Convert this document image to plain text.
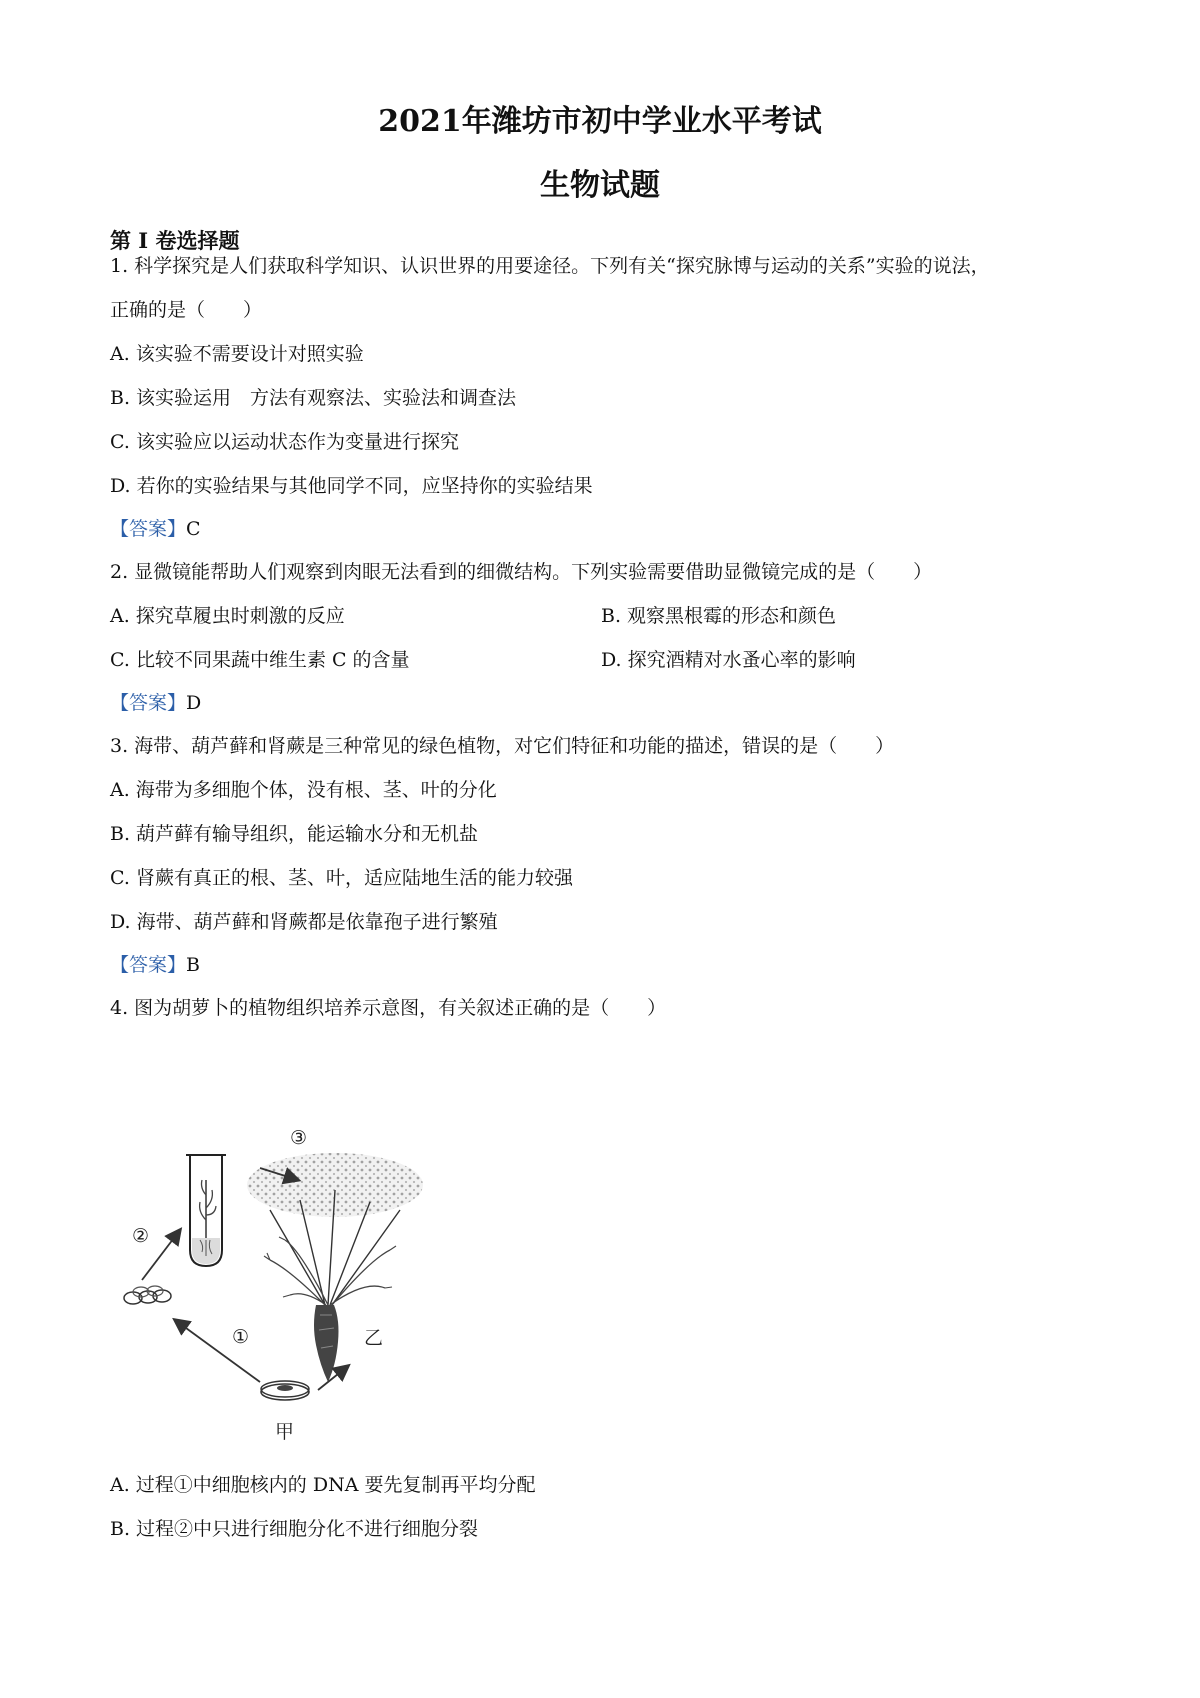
2021年潍坊市初中学业水平考试
生物试题
第 I 卷选择题
1. 科学探究是人们获取科学知识、认识世界的用要途径。下列有关“探究脉博与运动的关系”实验的说法，
正确的是（　　）
A. 该实验不需要设计对照实验
B. 该实验运用　方法有观察法、实验法和调查法
C. 该实验应以运动状态作为变量进行探究
D. 若你的实验结果与其他同学不同，应坚持你的实验结果
【答案】C
2. 显微镜能帮助人们观察到肉眼无法看到的细微结构。下列实验需要借助显微镜完成的是（　　）
A. 探究草履虫时刺激的反应	B. 观察黑根霉的形态和颜色
C. 比较不同果蔬中维生素 C 的含量	D. 探究酒精对水蚤心率的影响
【答案】D
3. 海带、葫芦藓和肾蕨是三种常见的绿色植物，对它们特征和功能的描述，错误的是（　　）
A. 海带为多细胞个体，没有根、茎、叶的分化
B. 葫芦藓有输导组织，能运输水分和无机盐
C. 肾蕨有真正的根、茎、叶，适应陆地生活的能力较强
D. 海带、葫芦藓和肾蕨都是依靠孢子进行繁殖
【答案】B
4. 图为胡萝卜的植物组织培养示意图，有关叙述正确的是（　　）
③
②
①	乙
甲
A. 过程①中细胞核内的 DNA 要先复制再平均分配
B. 过程②中只进行细胞分化不进行细胞分裂
